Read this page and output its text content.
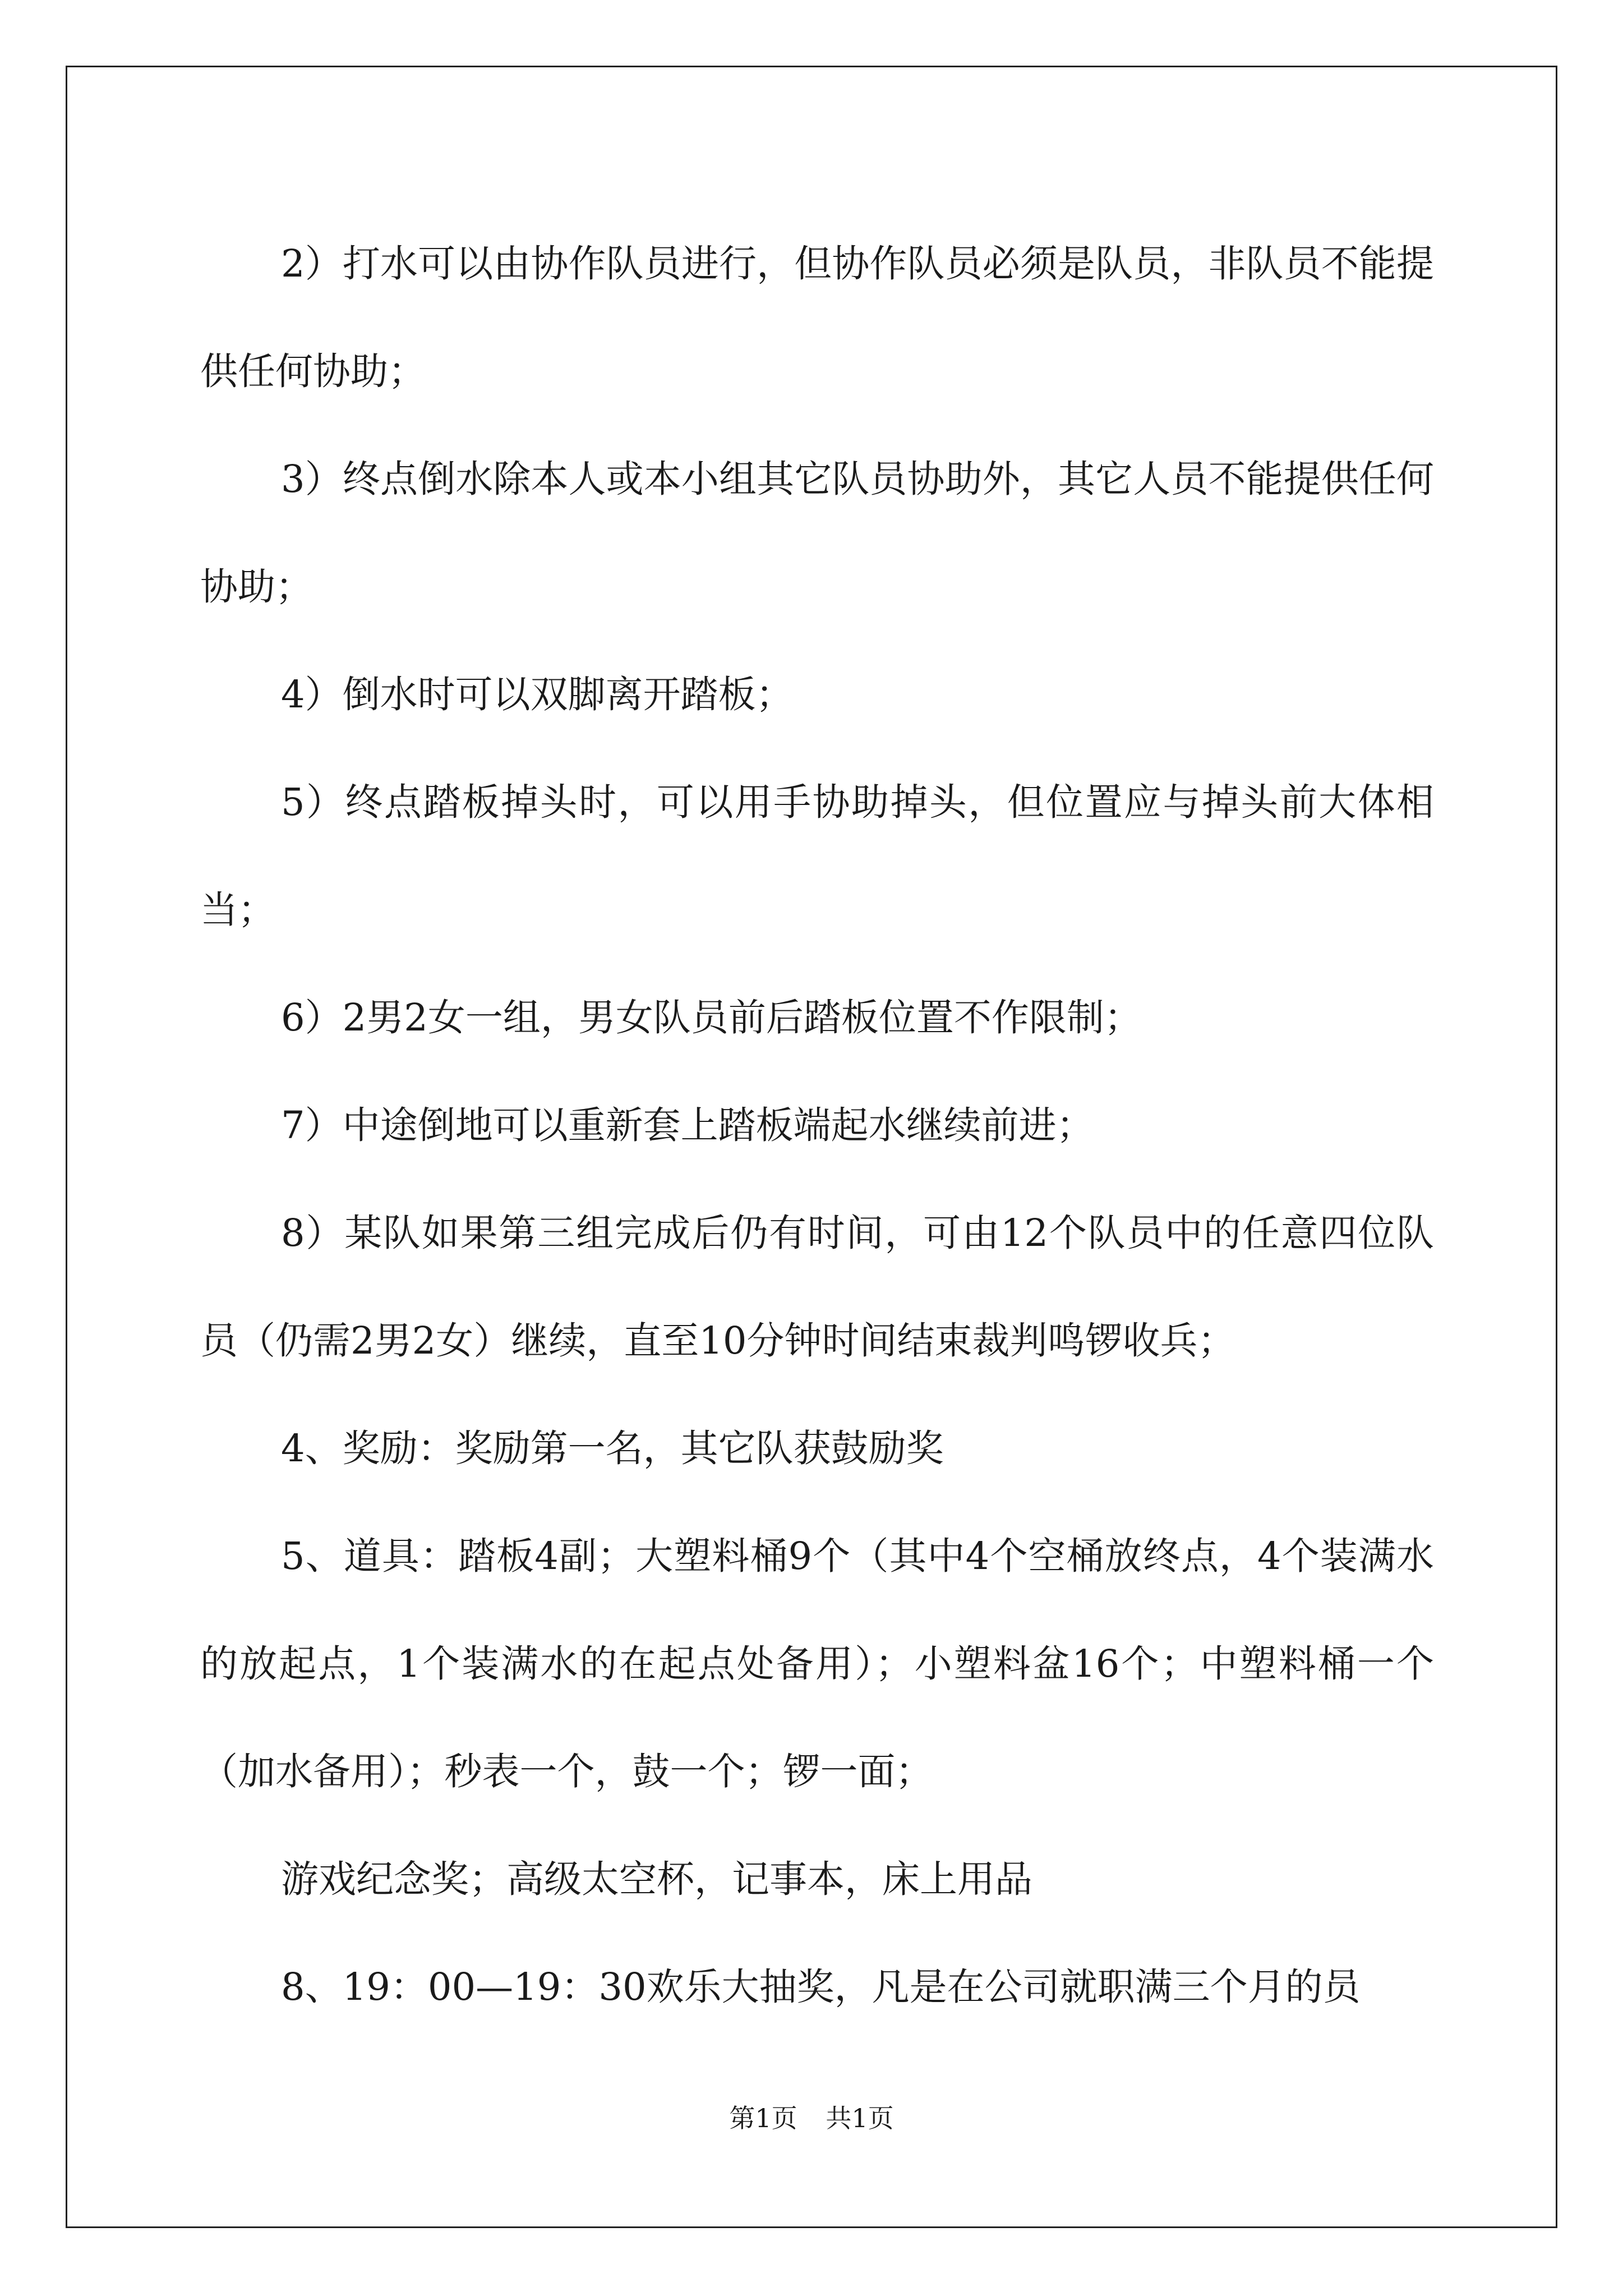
2）打水可以由协作队员进行，但协作队员必须是队员，非队员不能提供任何协助；

3）终点倒水除本人或本小组其它队员协助外，其它人员不能提供任何协助；

4）倒水时可以双脚离开踏板；

5）终点踏板掉头时，可以用手协助掉头，但位置应与掉头前大体相当；

6）2男2女一组，男女队员前后踏板位置不作限制；

7）中途倒地可以重新套上踏板端起水继续前进；

8）某队如果第三组完成后仍有时间，可由12个队员中的任意四位队员（仍需2男2女）继续，直至10分钟时间结束裁判鸣锣收兵；

4、奖励：奖励第一名，其它队获鼓励奖

5、道具：踏板4副；大塑料桶9个（其中4个空桶放终点，4个装满水的放起点，1个装满水的在起点处备用）；小塑料盆16个；中塑料桶一个（加水备用）；秒表一个，鼓一个；锣一面；

游戏纪念奖；高级太空杯，记事本，床上用品

8、19：00—19：30欢乐大抽奖，凡是在公司就职满三个月的员

第1页 共1页
